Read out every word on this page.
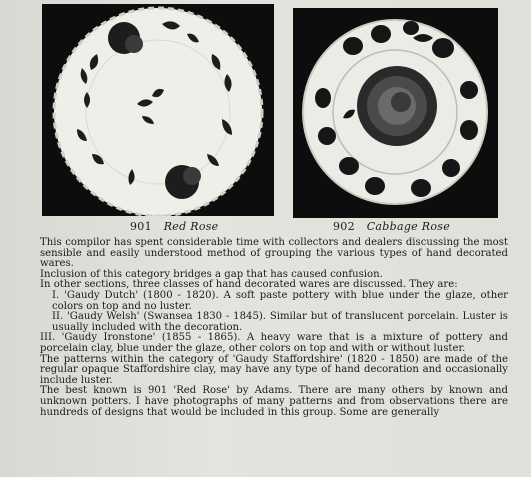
901 Red Rose	902 Cabbage Rose

This compilor has spent considerable time with collectors and dealers discussing the most sensible and easily understood method of grouping the various types of hand decorated wares.

Inclusion of this category bridges a gap that has caused confusion.

In other sections, three classes of hand decorated wares are discussed. They are:

I. 'Gaudy Dutch' (1800 - 1820). A soft paste pottery with blue under the glaze, other colors on top and no luster.

II. 'Gaudy Welsh' (Swansea 1830 - 1845). Similar but of translucent porcelain. Luster is usually included with the decoration.

III. 'Gaudy Ironstone' (1855 - 1865). A heavy ware that is a mixture of pottery and porcelain clay, blue under the glaze, other colors on top and with or without luster.

The patterns within the category of 'Gaudy Staffordshire' (1820 - 1850) are made of the regular opaque Staffordshire clay, may have any type of hand decoration and occasionally include luster.

The best known is 901 'Red Rose' by Adams. There are many others by known and unknown potters. I have photographs of many patterns and from observations there are hundreds of designs that would be included in this group. Some are generally
